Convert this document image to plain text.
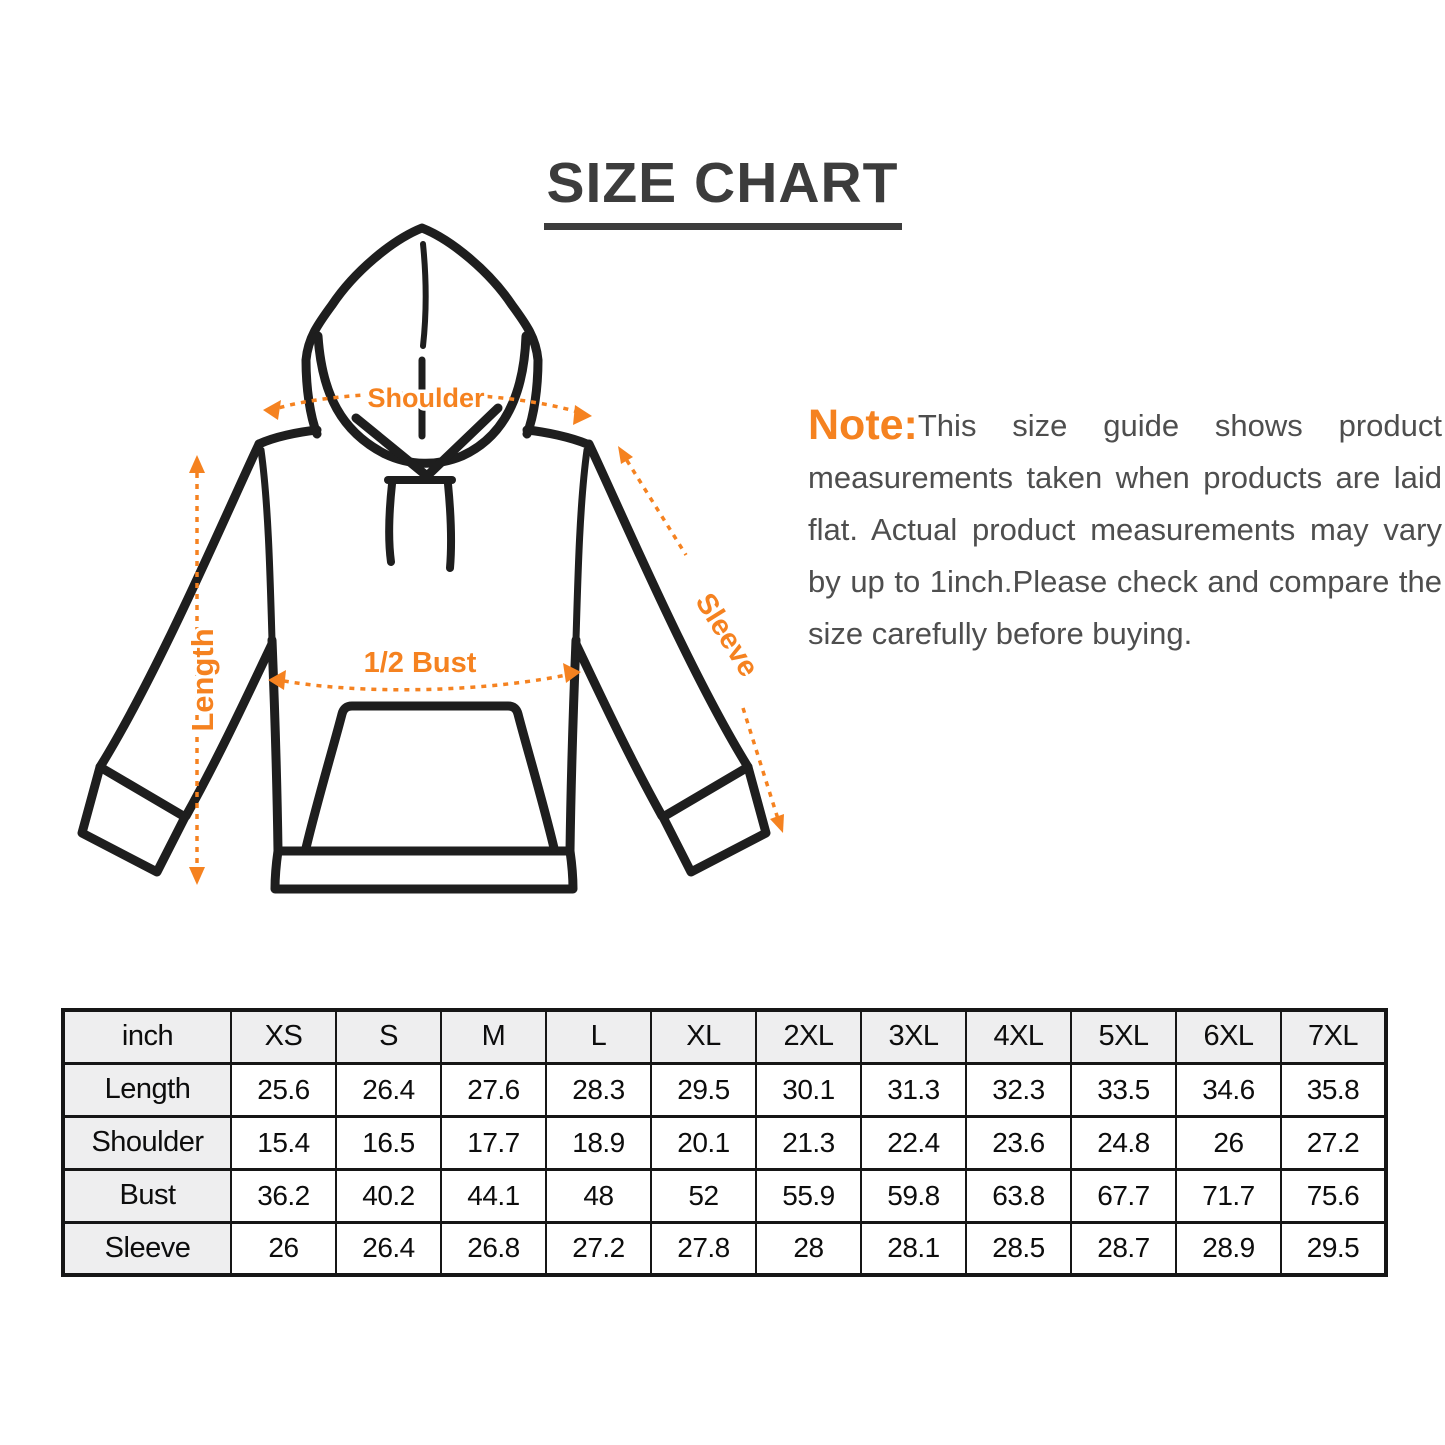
SIZE CHART
Shoulder
Length	1/2 Bust	Sleeve
Note:This size guide shows product measurements taken when products are laid flat. Actual product measurements may vary by up to 1inch.Please check and compare the size carefully before buying.
inch	XS	S	M	L	XL	2XL	3XL	4XL	5XL	6XL	7XL
Length	25.6	26.4	27.6	28.3	29.5	30.1	31.3	32.3	33.5	34.6	35.8
Shoulder	15.4	16.5	17.7	18.9	20.1	21.3	22.4	23.6	24.8	26	27.2
Bust	36.2	40.2	44.1	48	52	55.9	59.8	63.8	67.7	71.7	75.6
Sleeve	26	26.4	26.8	27.2	27.8	28	28.1	28.5	28.7	28.9	29.5
